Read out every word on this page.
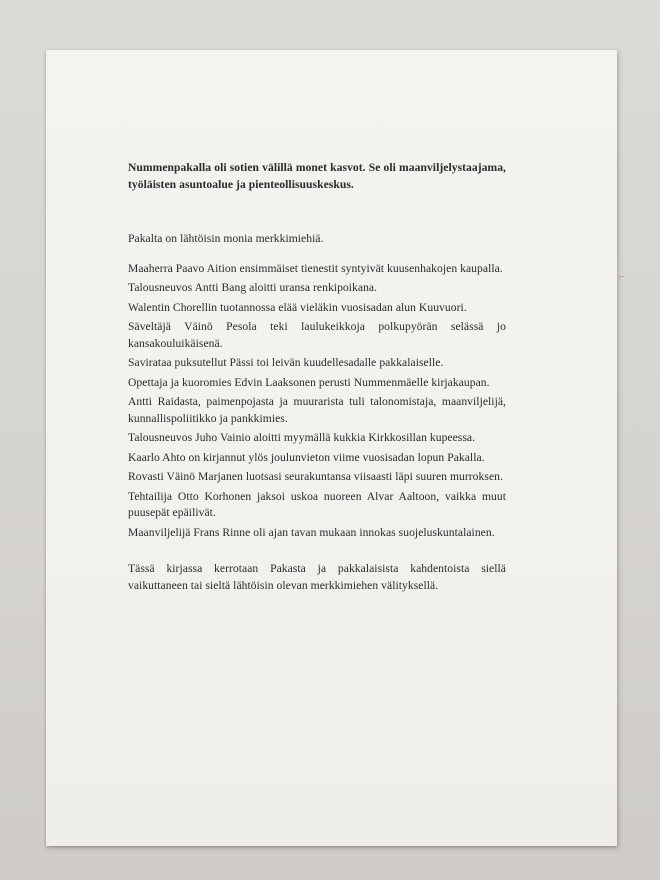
⌐

Nummenpakalla oli sotien välillä monet kasvot. Se oli maanviljelystaajama, työläisten asuntoalue ja pienteollisuuskeskus.

Pakalta on lähtöisin monia merkkimiehiä.

Maaherra Paavo Aition ensimmäiset tienestit syntyivät kuusenhakojen kaupalla.

Talousneuvos Antti Bang aloitti uransa renkipoikana.

Walentin Chorellin tuotannossa elää vieläkin vuosisadan alun Kuuvuori.

Säveltäjä Väinö Pesola teki laulukeikkoja polkupyörän selässä jo kansakouluikäisenä.

Savirataa puksutellut Pässi toi leivän kuudellesadalle pakkalaiselle.

Opettaja ja kuoromies Edvin Laaksonen perusti Nummenmäelle kirjakaupan.

Antti Raidasta, paimenpojasta ja muurarista tuli talonomistaja, maanviljelijä, kunnallispoliitikko ja pankkimies.

Talousneuvos Juho Vainio aloitti myymällä kukkia Kirkkosillan kupeessa.

Kaarlo Ahto on kirjannut ylös joulunvieton viime vuosisadan lopun Pakalla.

Rovasti Väinö Marjanen luotsasi seurakuntansa viisaasti läpi suuren murroksen.

Tehtailija Otto Korhonen jaksoi uskoa nuoreen Alvar Aaltoon, vaikka muut puusepät epäilivät.

Maanviljelijä Frans Rinne oli ajan tavan mukaan innokas suojeluskuntalainen.

Tässä kirjassa kerrotaan Pakasta ja pakkalaisista kahdentoista siellä vaikuttaneen tai sieltä lähtöisin olevan merkkimiehen välityksellä.
